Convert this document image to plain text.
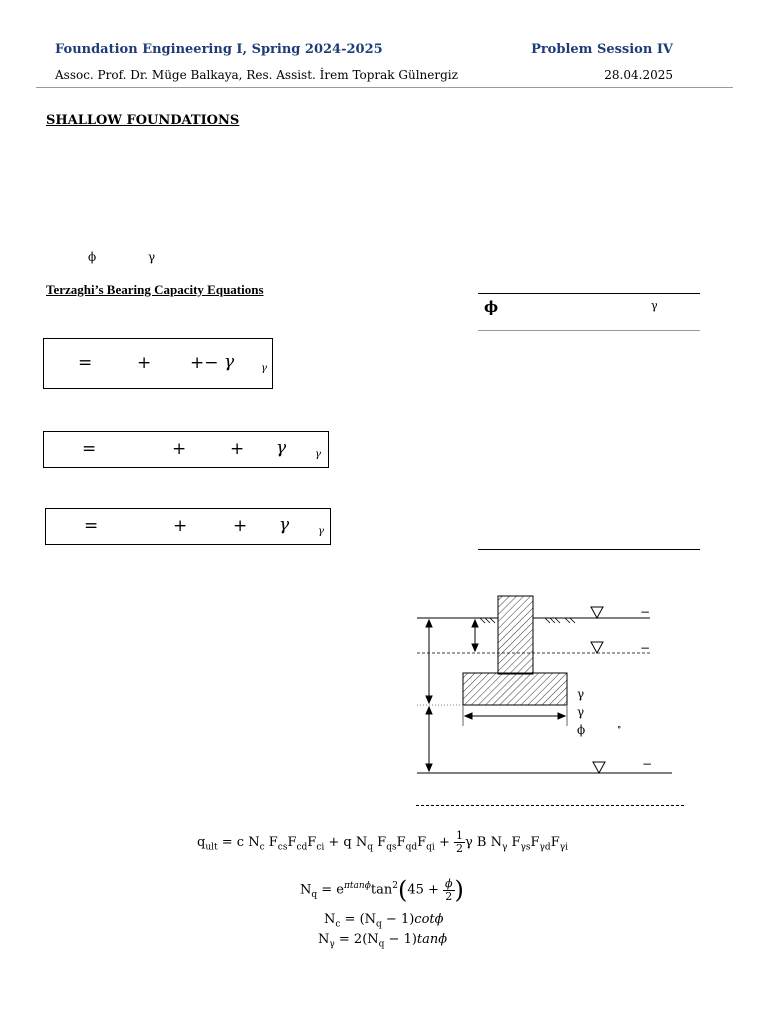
Foundation Engineering I, Spring 2024-2025	Problem Session IV
Assoc. Prof. Dr. Müge Balkaya, Res. Assist. İrem Toprak Gülnergiz	28.04.2025
SHALLOW FOUNDATIONS
ϕ	γ
Terzaghi’s Bearing Capacity Equations
=	+ +− γ	γ
=	+	+ γ	γ
=	+	+ γ	γ
ϕ	γ
γ
γ
ϕ	∘
−
−
−
$q_{ult} = c$ $N_c$ $F_{cs}F_{cd}F_{ci} + q$ $N_q$ $F_{qs}F_{qd}F_{qi} + \frac{1}{2}$ γ B $N_\gamma$ $F_{\gamma s}F_{\gamma d}F_{\gamma i}$
$N_q = e^{\pi tan\phi}\tan^2(45 + \frac{\phi}{2}$ )
$N_c = (N_q - 1)\cot\phi$
$N_\gamma = 2(N_q - 1)\tan\phi$
